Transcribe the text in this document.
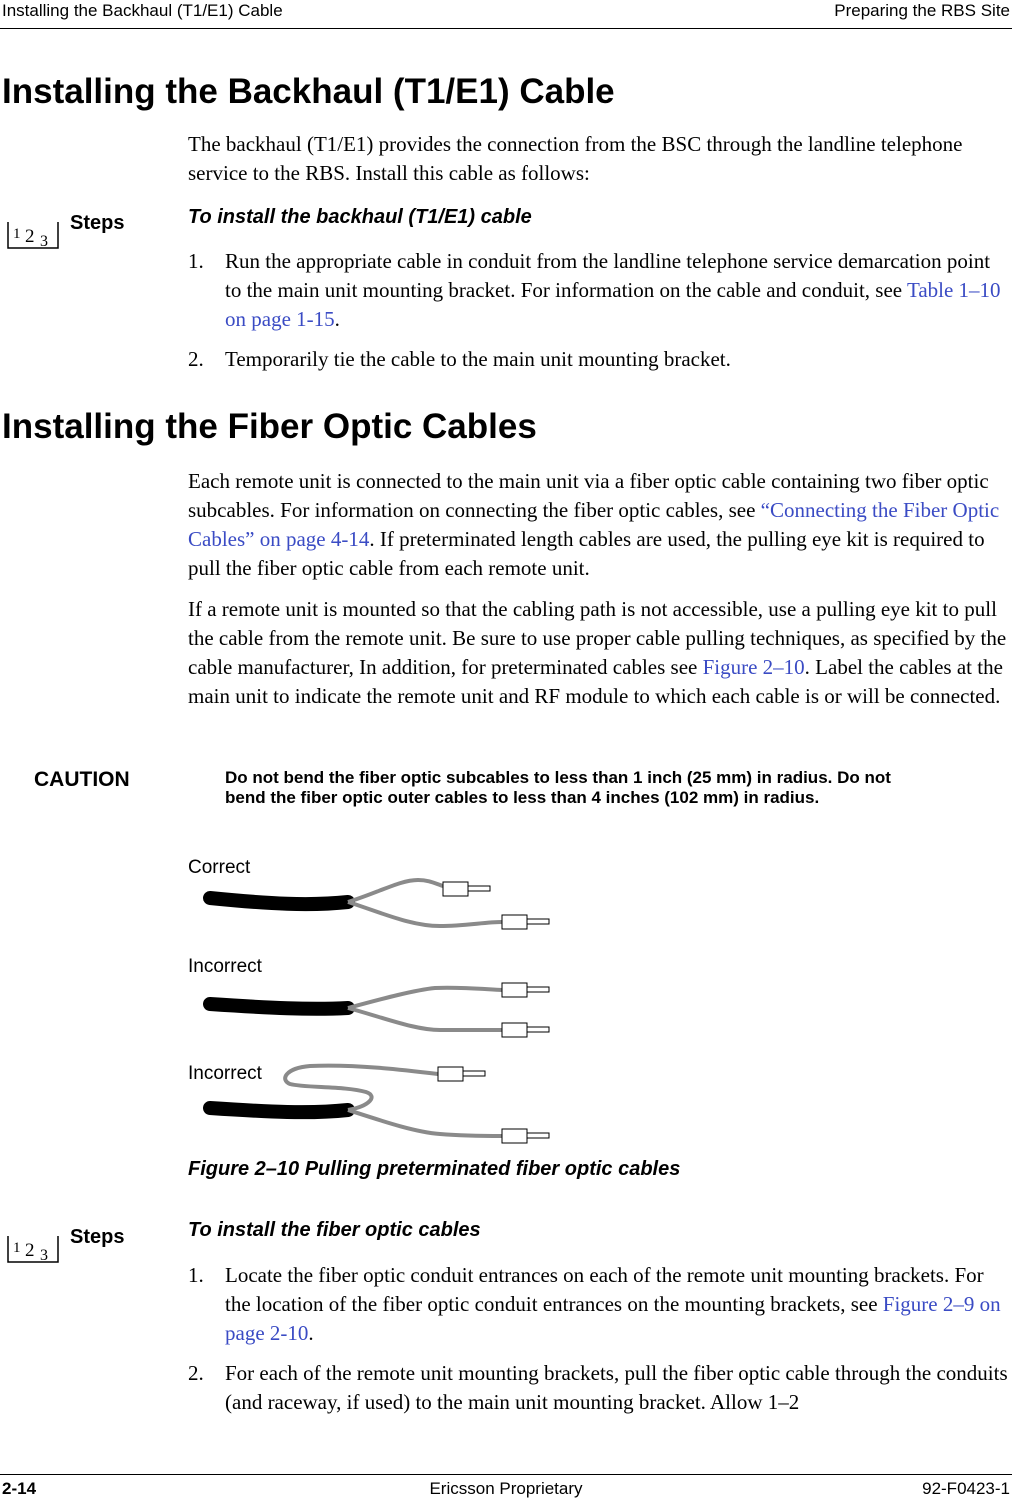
Installing the Backhaul (T1/E1) Cable	Preparing the RBS Site
Installing the Backhaul (T1/E1) Cable

The backhaul (T1/E1) provides the connection from the BSC through the landline telephone service to the RBS. Install this cable as follows:

1 2 3
Steps	To install the backhaul (T1/E1) cable
1. Run the appropriate cable in conduit from the landline telephone service demarcation point to the main unit mounting bracket. For information on the cable and conduit, see Table 1–10 on page 1-15.
2. Temporarily tie the cable to the main unit mounting bracket.
Installing the Fiber Optic Cables

Each remote unit is connected to the main unit via a fiber optic cable containing two fiber optic subcables. For information on connecting the fiber optic cables, see “Connecting the Fiber Optic Cables” on page 4-14. If preterminated length cables are used, the pulling eye kit is required to pull the fiber optic cable from each remote unit.

If a remote unit is mounted so that the cabling path is not accessible, use a pulling eye kit to pull the cable from the remote unit. Be sure to use proper cable pulling techniques, as specified by the cable manufacturer, In addition, for preterminated cables see Figure 2–10. Label the cables at the main unit to indicate the remote unit and RF module to which each cable is or will be connected.

CAUTION	Do not bend the fiber optic subcables to less than 1 inch (25 mm) in radius. Do not bend the fiber optic outer cables to less than 4 inches (102 mm) in radius.
Correct
Incorrect
Incorrect
Figure 2–10 Pulling preterminated fiber optic cables
1 2 3
Steps	To install the fiber optic cables
1. Locate the fiber optic conduit entrances on each of the remote unit mounting brackets. For the location of the fiber optic conduit entrances on the mounting brackets, see Figure 2–9 on page 2-10.
2. For each of the remote unit mounting brackets, pull the fiber optic cable through the conduits (and raceway, if used) to the main unit mounting bracket. Allow 1–2
2-14	Ericsson Proprietary	92-F0423-1
